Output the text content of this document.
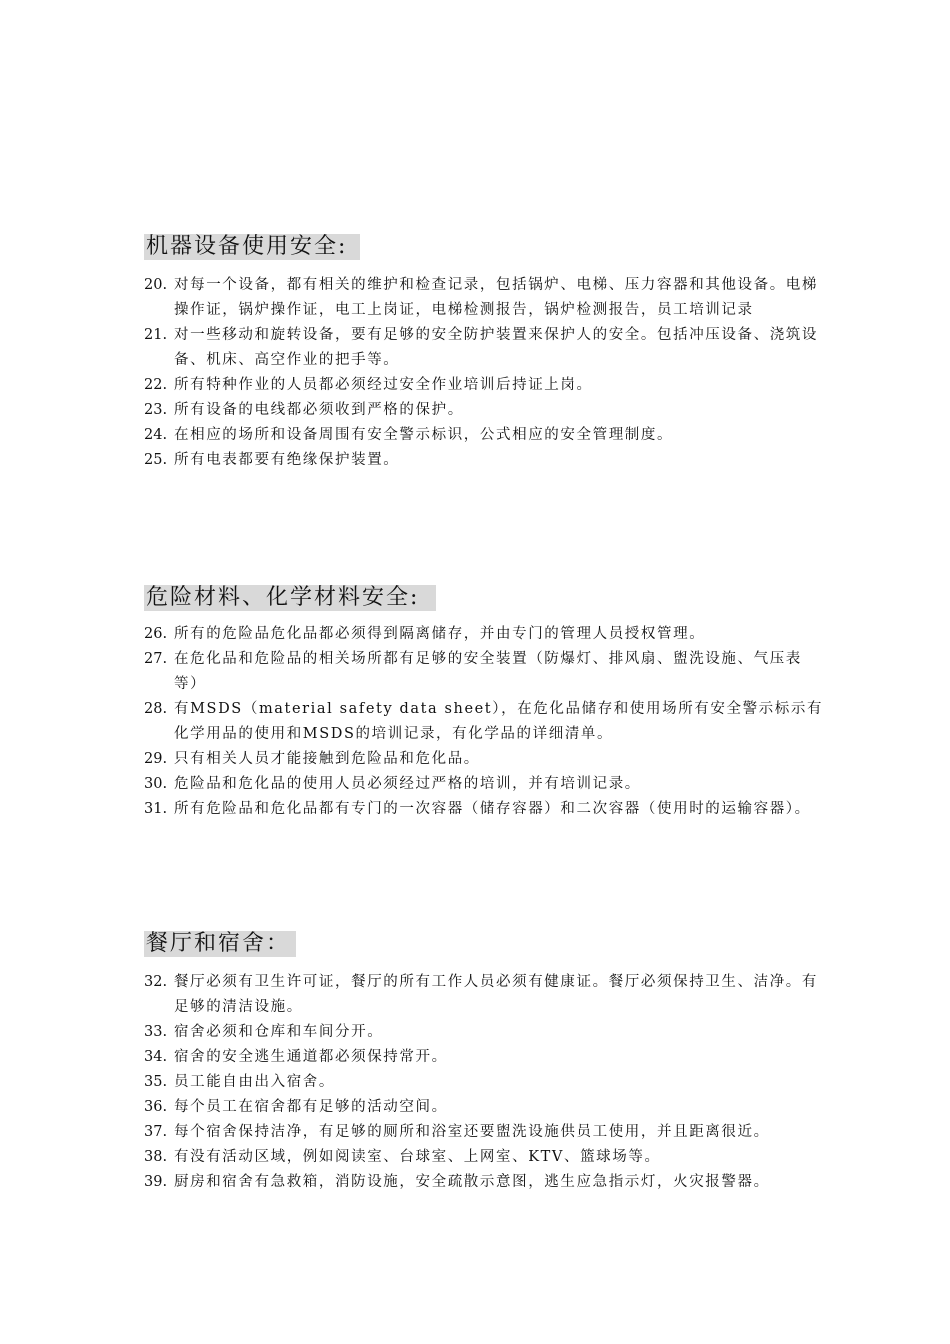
机器设备使用安全:
20. 对每一个设备，都有相关的维护和检查记录，包括锅炉、电梯、压力容器和其他设备。电梯操作证，锅炉操作证，电工上岗证，电梯检测报告，锅炉检测报告，员工培训记录
21. 对一些移动和旋转设备，要有足够的安全防护装置来保护人的安全。包括冲压设备、浇筑设备、机床、高空作业的把手等。
22. 所有特种作业的人员都必须经过安全作业培训后持证上岗。
23. 所有设备的电线都必须收到严格的保护。
24. 在相应的场所和设备周围有安全警示标识，公式相应的安全管理制度。
25. 所有电表都要有绝缘保护装置。
危险材料、化学材料安全:
26. 所有的危险品危化品都必须得到隔离储存，并由专门的管理人员授权管理。
27. 在危化品和危险品的相关场所都有足够的安全装置（防爆灯、排风扇、盥洗设施、气压表等）
28. 有MSDS（material safety data sheet），在危化品储存和使用场所有安全警示标示有化学用品的使用和MSDS的培训记录，有化学品的详细清单。
29. 只有相关人员才能接触到危险品和危化品。
30. 危险品和危化品的使用人员必须经过严格的培训，并有培训记录。
31. 所有危险品和危化品都有专门的一次容器（储存容器）和二次容器（使用时的运输容器）。
餐厅和宿舍：
32. 餐厅必须有卫生许可证，餐厅的所有工作人员必须有健康证。餐厅必须保持卫生、洁净。有足够的清洁设施。
33. 宿舍必须和仓库和车间分开。
34. 宿舍的安全逃生通道都必须保持常开。
35. 员工能自由出入宿舍。
36. 每个员工在宿舍都有足够的活动空间。
37. 每个宿舍保持洁净，有足够的厕所和浴室还要盥洗设施供员工使用，并且距离很近。
38. 有没有活动区域，例如阅读室、台球室、上网室、KTV、篮球场等。
39. 厨房和宿舍有急救箱，消防设施，安全疏散示意图，逃生应急指示灯，火灾报警器。
